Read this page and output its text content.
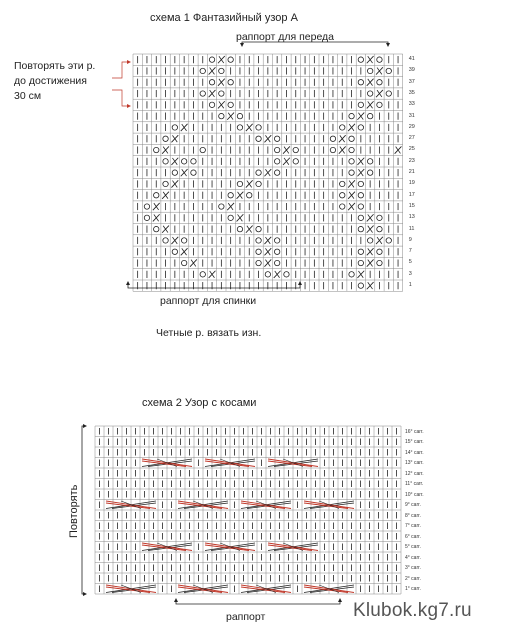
схема 1 Фантазийный узор А
раппорт для переда
Повторять эти р.
до достижения
30 см
раппорт для спинки
Четные р. вязать изн.
41
39
37
35
33
31
29
27
25
23
21
19
17
15
13
11
9
7
5
3
1
схема 2 Узор с косами
раппорт
Повторять
16° carr.
15° carr.
14° carr.
13° carr.
12° carr.
11° carr.
10° carr.
9° carr.
8° carr.
7° carr.
6° carr.
5° carr.
4° carr.
3° carr.
2° carr.
1° carr.
Klubok.kg7.ru
